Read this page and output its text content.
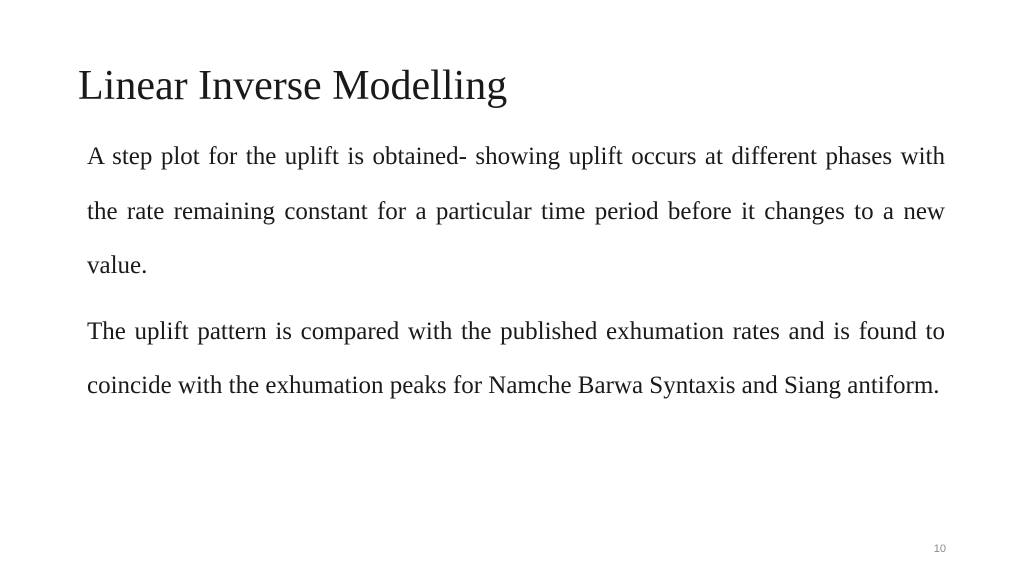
Linear Inverse Modelling

A step plot for the uplift is obtained- showing uplift occurs at different phases with the rate remaining constant for a particular time period before it changes to a new value.

The uplift pattern is compared with the published exhumation rates and is found to coincide with the exhumation peaks for Namche Barwa Syntaxis and Siang antiform.

10
